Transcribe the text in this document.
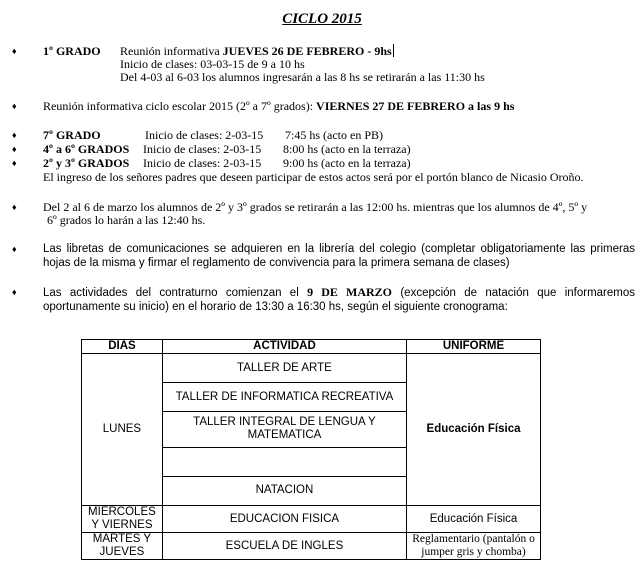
CICLO 2015
♦	1º GRADO Reunión informativa JUEVES 26 DE FEBRERO - 9hs
Inicio de clases: 03-03-15 de 9 a 10 hs
Del 4-03 al 6-03 los alumnos ingresarán a las 8 hs se retirarán a las 11:30 hs
♦	Reunión informativa ciclo escolar 2015 (2º a 7º grados): VIERNES 27 DE FEBRERO a las 9 hs
♦
♦
♦
7º GRADO	Inicio de clases: 2-03-15 7:45 hs (acto en PB)
4º a 6º GRADOS Inicio de clases: 2-03-15 8:00 hs (acto en la terraza)
2º y 3º GRADOS Inicio de clases: 2-03-15 9:00 hs (acto en la terraza)
El ingreso de los señores padres que deseen participar de estos actos será por el portón blanco de Nicasio Oroño.
♦	Del 2 al 6 de marzo los alumnos de 2º y 3º grados se retirarán a las 12:00 hs. mientras que los alumnos de 4º, 5º y
6º grados lo harán a las 12:40 hs.
♦	Las libretas de comunicaciones se adquieren en la librería del colegio (completar obligatoriamente las primeras hojas de la misma y firmar el reglamento de convivencia para la primera semana de clases)
♦	Las actividades del contraturno comienzan el 9 DE MARZO (excepción de natación que informaremos oportunamente su inicio) en el horario de 13:30 a 16:30 hs, según el siguiente cronograma:
DIAS	ACTIVIDAD	UNIFORME
LUNES	TALLER DE ARTE	Educación Física
	TALLER DE INFORMATICA RECREATIVA	
	TALLER INTEGRAL DE LENGUA Y MATEMATICA	

	NATACION	
MIERCOLES Y VIERNES	EDUCACION FISICA	Educación Física
MARTES Y JUEVES	ESCUELA DE INGLES	Reglamentario (pantalón o jumper gris y chomba)
